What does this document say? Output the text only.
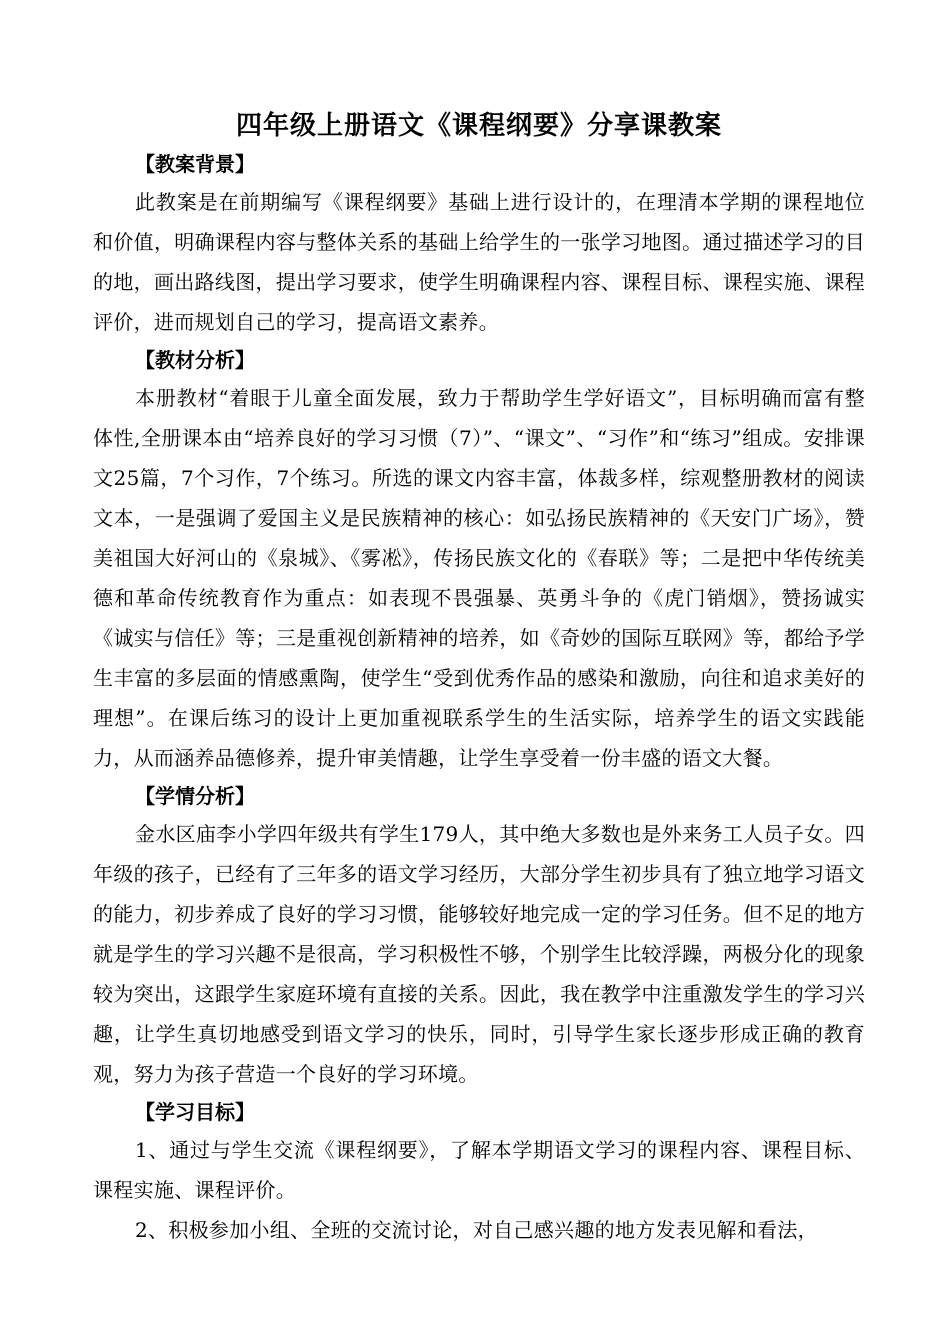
四年级上册语文《课程纲要》分享课教案
【教案背景】

此教案是在前期编写《课程纲要》基础上进行设计的，在理清本学期的课程地位和价值，明确课程内容与整体关系的基础上给学生的一张学习地图。通过描述学习的目的地，画出路线图，提出学习要求，使学生明确课程内容、课程目标、课程实施、课程评价，进而规划自己的学习，提高语文素养。

【教材分析】

本册教材“着眼于儿童全面发展，致力于帮助学生学好语文”，目标明确而富有整体性,全册课本由“培养良好的学习习惯（7）”、“课文”、“习作”和“练习”组成。安排课文25篇，7个习作，7个练习。所选的课文内容丰富，体裁多样，综观整册教材的阅读文本，一是强调了爱国主义是民族精神的核心：如弘扬民族精神的《天安门广场》，赞美祖国大好河山的《泉城》、《雾凇》，传扬民族文化的《春联》等；二是把中华传统美德和革命传统教育作为重点：如表现不畏强暴、英勇斗争的《虎门销烟》，赞扬诚实《诚实与信任》等；三是重视创新精神的培养，如《奇妙的国际互联网》等，都给予学生丰富的多层面的情感熏陶，使学生“受到优秀作品的感染和激励，向往和追求美好的理想”。在课后练习的设计上更加重视联系学生的生活实际，培养学生的语文实践能力，从而涵养品德修养，提升审美情趣，让学生享受着一份丰盛的语文大餐。

【学情分析】

金水区庙李小学四年级共有学生179人，其中绝大多数也是外来务工人员子女。四年级的孩子，已经有了三年多的语文学习经历，大部分学生初步具有了独立地学习语文的能力，初步养成了良好的学习习惯，能够较好地完成一定的学习任务。但不足的地方就是学生的学习兴趣不是很高，学习积极性不够，个别学生比较浮躁，两极分化的现象较为突出，这跟学生家庭环境有直接的关系。因此，我在教学中注重激发学生的学习兴趣，让学生真切地感受到语文学习的快乐，同时，引导学生家长逐步形成正确的教育观，努力为孩子营造一个良好的学习环境。

【学习目标】

1、通过与学生交流《课程纲要》，了解本学期语文学习的课程内容、课程目标、课程实施、课程评价。

2、积极参加小组、全班的交流讨论，对自己感兴趣的地方发表见解和看法，
